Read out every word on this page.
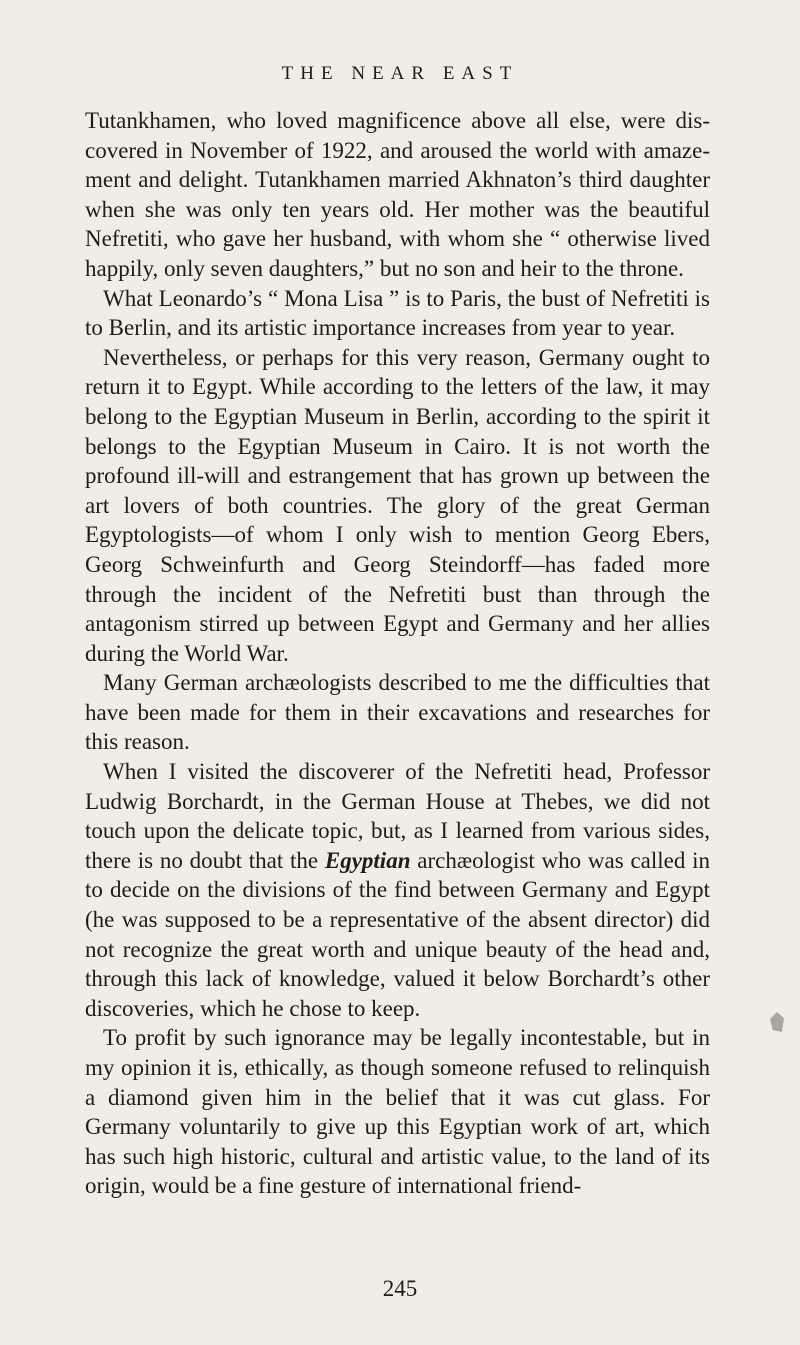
THE NEAR EAST

Tutankhamen, who loved magnificence above all else, were dis-covered in November of 1922, and aroused the world with amaze-ment and delight. Tutankhamen married Akhnaton’s third daughter when she was only ten years old. Her mother was the beautiful Nefretiti, who gave her husband, with whom she “ otherwise lived happily, only seven daughters,” but no son and heir to the throne.

What Leonardo’s “ Mona Lisa ” is to Paris, the bust of Nefretiti is to Berlin, and its artistic importance increases from year to year.

Nevertheless, or perhaps for this very reason, Germany ought to return it to Egypt. While according to the letters of the law, it may belong to the Egyptian Museum in Berlin, according to the spirit it belongs to the Egyptian Museum in Cairo. It is not worth the profound ill-will and estrangement that has grown up between the art lovers of both countries. The glory of the great German Egyptologists—of whom I only wish to mention Georg Ebers, Georg Schweinfurth and Georg Steindorff—has faded more through the incident of the Nefretiti bust than through the antagonism stirred up between Egypt and Germany and her allies during the World War.

Many German archæologists described to me the difficulties that have been made for them in their excavations and researches for this reason.

When I visited the discoverer of the Nefretiti head, Professor Ludwig Borchardt, in the German House at Thebes, we did not touch upon the delicate topic, but, as I learned from various sides, there is no doubt that the Egyptian archæologist who was called in to decide on the divisions of the find between Germany and Egypt (he was supposed to be a representative of the absent director) did not recognize the great worth and unique beauty of the head and, through this lack of knowledge, valued it below Borchardt’s other discoveries, which he chose to keep.

To profit by such ignorance may be legally incontestable, but in my opinion it is, ethically, as though someone refused to relinquish a diamond given him in the belief that it was cut glass. For Germany voluntarily to give up this Egyptian work of art, which has such high historic, cultural and artistic value, to the land of its origin, would be a fine gesture of international friend-

245
